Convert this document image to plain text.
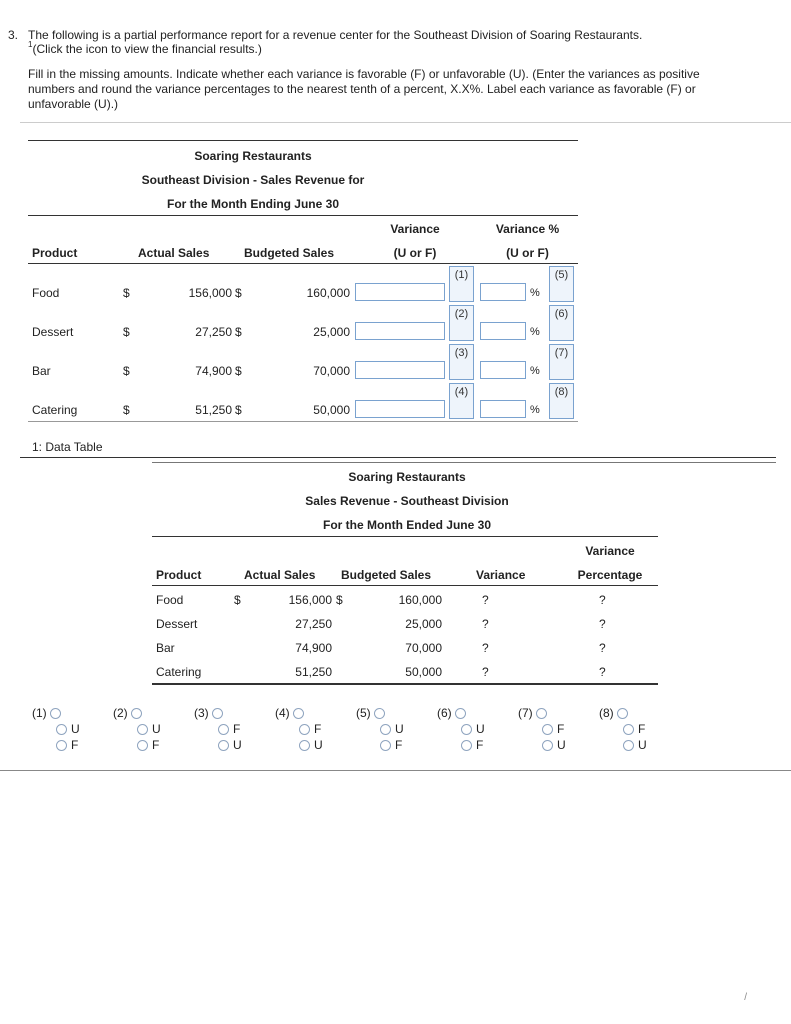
3. The following is a partial performance report for a revenue center for the Southeast Division of Soaring Restaurants.
$^1$(Click the icon to view the financial results.)
Fill in the missing amounts. Indicate whether each variance is favorable (F) or unfavorable (U). (Enter the variances as positive numbers and round the variance percentages to the nearest tenth of a percent, X.X%. Label each variance as favorable (F) or unfavorable (U).)
Soaring Restaurants
Southeast Division - Sales Revenue for
For the Month Ending June 30
Variance	Variance %
Product	Actual Sales	Budgeted Sales	(U or F)	(U or F)
Food	$	156,000 $	160,000
(1)
%
(5)
Dessert	$	27,250 $	25,000
(2)
%
(6)
Bar	$	74,900 $	70,000
(3)
%
(7)
Catering	$	51,250 $	50,000
(4)
%
(8)
1: Data Table
Soaring Restaurants
Sales Revenue - Southeast Division
For the Month Ended June 30
Variance
Product	Actual Sales Budgeted Sales	Variance	Percentage
Food	$	156,000 $	160,000	?	?
Dessert	27,250	25,000	?	?
Bar	74,900	70,000	?	?
Catering	51,250	50,000	?	?
(1)
U
F
(2)
U
F
(3)
F
U
(4)
F
U
(5)
U
F
(6)
U
F
(7)
F
U
(8)
F
U
/
